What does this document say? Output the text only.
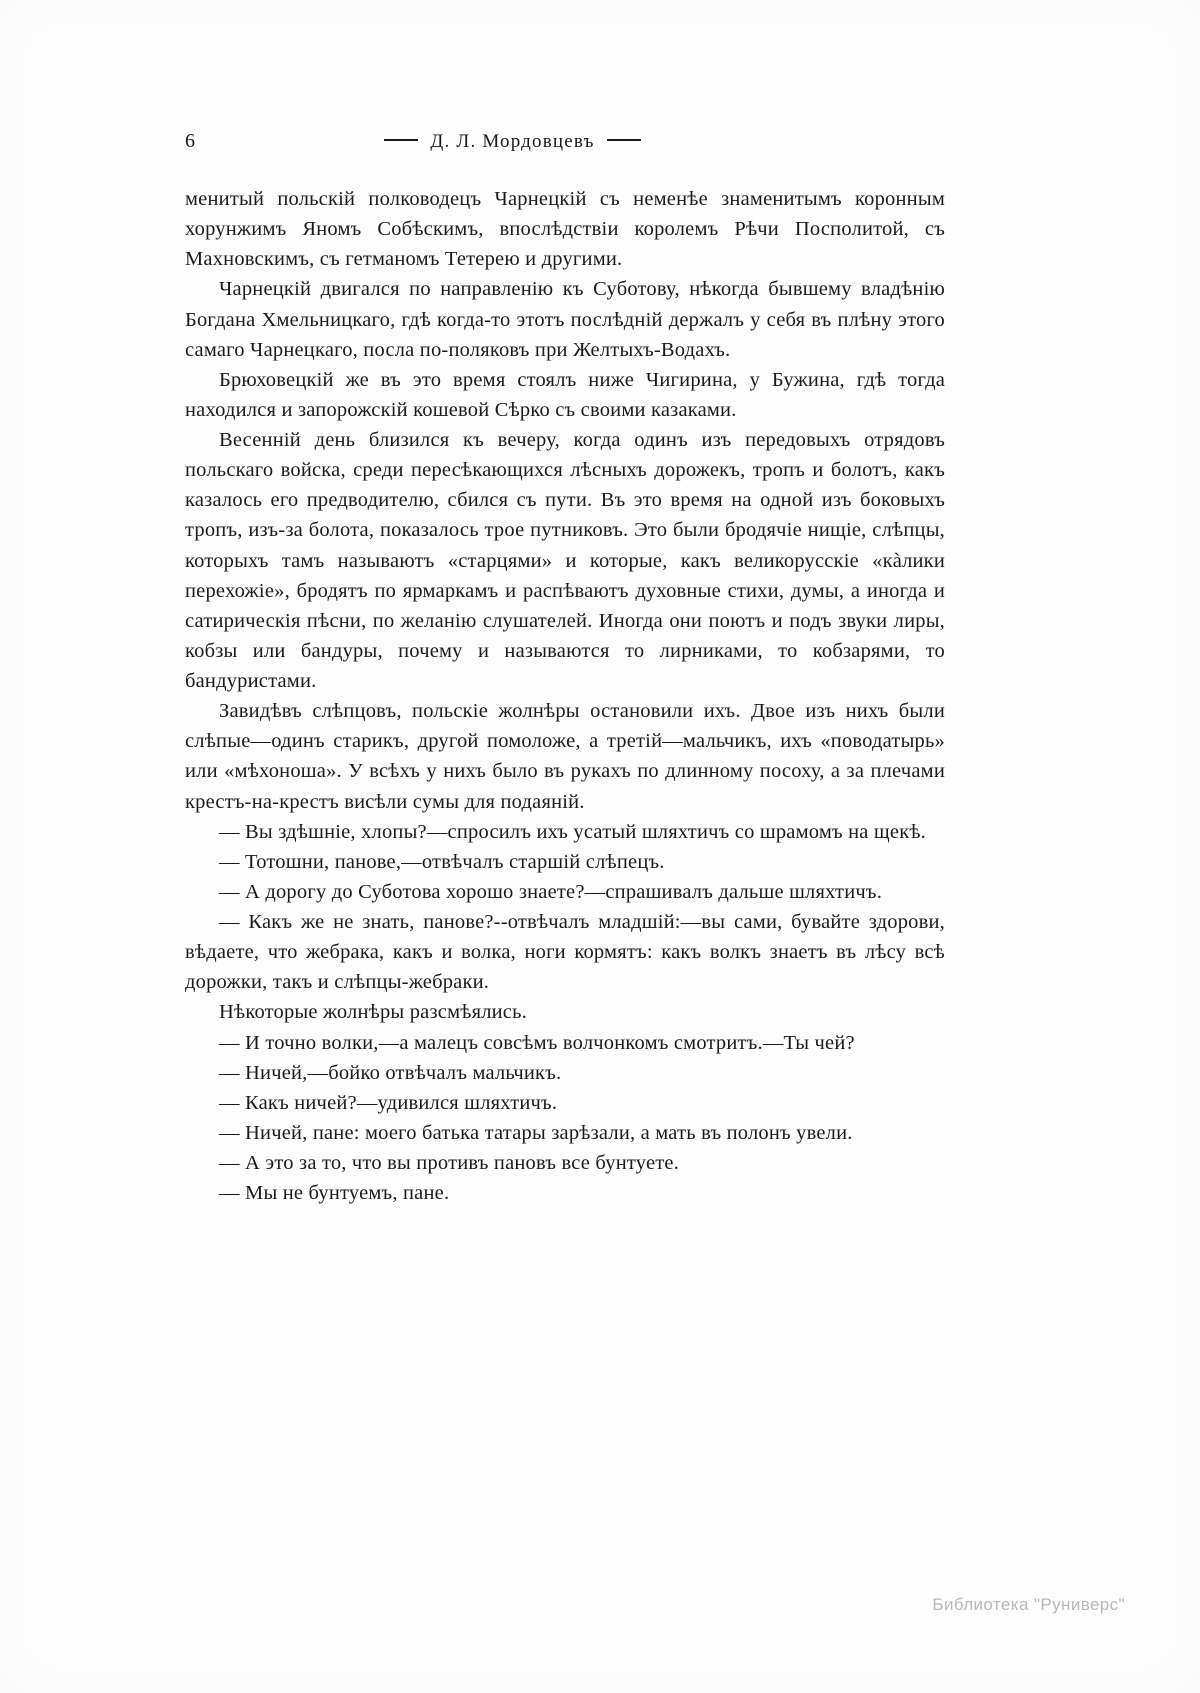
6	Д. Л. Мордовцевъ

менитый польскій полководецъ Чарнецкій съ неменѣе знаменитымъ коронным хорунжимъ Яномъ Собѣскимъ, впослѣдствіи королемъ Рѣчи Посполитой, съ Махновскимъ, съ гетманомъ Тетерею и другими.

Чарнецкій двигался по направленію къ Суботову, нѣкогда бывшему владѣнію Богдана Хмельницкаго, гдѣ когда-то этотъ послѣдній держалъ у себя въ плѣну этого самаго Чарнецкаго, посла по-поляковъ при Желтыхъ-Водахъ.

Брюховецкій же въ это время стоялъ ниже Чигирина, у Бужина, гдѣ тогда находился и запорожскій кошевой Сѣрко съ своими казаками.

Весенній день близился къ вечеру, когда одинъ изъ передовыхъ отрядовъ польскаго войска, среди пересѣкающихся лѣсныхъ дорожекъ, тропъ и болотъ, какъ казалось его предводителю, сбился съ пути. Въ это время на одной изъ боковыхъ тропъ, изъ-за болота, показалось трое путниковъ. Это были бродячіе нищіе, слѣпцы, которыхъ тамъ называютъ «старцями» и которые, какъ великорусскіе «кàлики перехожіе», бродятъ по ярмаркамъ и распѣваютъ духовные стихи, думы, а иногда и сатирическія пѣсни, по желанію слушателей. Иногда они поютъ и подъ звуки лиры, кобзы или бандуры, почему и называются то лирниками, то кобзарями, то бандуристами.

Завидѣвъ слѣпцовъ, польскіе жолнѣры остановили ихъ. Двое изъ нихъ были слѣпые—одинъ старикъ, другой помоложе, а третій—мальчикъ, ихъ «поводатырь» или «мѣхоноша». У всѣхъ у нихъ было въ рукахъ по длинному посоху, а за плечами крестъ-на-крестъ висѣли сумы для подаяній.

— Вы здѣшніе, хлопы?—спросилъ ихъ усатый шляхтичъ со шрамомъ на щекѣ.

— Тотошни, панове,—отвѣчалъ старшій слѣпецъ.

— А дорогу до Суботова хорошо знаете?—спрашивалъ дальше шляхтичъ.

— Какъ же не знать, панове?--отвѣчалъ младшій:—вы сами, бувайте здорови, вѣдаете, что жебрака, какъ и волка, ноги кормятъ: какъ волкъ знаетъ въ лѣсу всѣ дорожки, такъ и слѣпцы-жебраки.

Нѣкоторые жолнѣры разсмѣялись.

— И точно волки,—а малецъ совсѣмъ волчонкомъ смотритъ.—Ты чей?

— Ничей,—бойко отвѣчалъ мальчикъ.

— Какъ ничей?—удивился шляхтичъ.

— Ничей, пане: моего батька татары зарѣзали, а мать въ полонъ увели.

— А это за то, что вы противъ пановъ все бунтуете.

— Мы не бунтуемъ, пане.

Библиотека "Руниверс"
